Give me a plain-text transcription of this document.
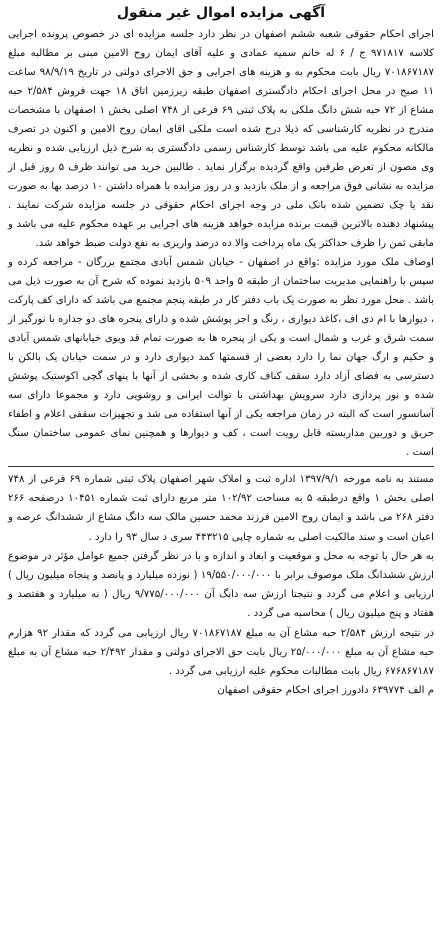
آگهی مزایده اموال غیر منقول

اجرای احکام حقوقی شعبه ششم اصفهان در نظر دارد جلسه مزایده ای در خصوص پرونده اجرایی کلاسه ۹۷۱۸۱۷ ج / ۶ له خانم سمیه عمادی و علیه آقای ایمان روح الامین مبنی بر مطالبه مبلغ ۷۰۱۸۶۷۱۸۷ ریال بابت محکوم به و هزینه های اجرایی و حق الاجرای دولتی در تاریخ ۹۸/۹/۱۹ ساعت ۱۱ صبح در محل اجرای احکام دادگستری اصفهان طبقه زیرزمین اتاق ۱۸ جهت فروش ۲/۵۸۴ حبه مشاع از ۷۲ حبه شش دانگ ملکی به پلاک ثبتی ۶۹ فرعی از ۷۴۸ اصلی بخش ۱ اصفهان با مشخصات مندرج در نظریه کارشناسی که ذیلا درج شده است ملکی اقای ایمان روح الامین و اکنون در تصرف مالکانه محکوم علیه می باشد توسط کارشناس رسمی دادگستری به شرح ذیل ارزیابی شده و نظریه وی مصون از تعرض طرفین واقع گردیده برگزار نماید . طالبین خرید می توانند ظرف ۵ روز قبل از مزایده به نشانی فوق مراجعه و از ملک بازدید و در روز مزایده با همراه داشتن ۱۰ درصد بها به صورت نقد یا چک تضمین شده بانک ملی در وجه اجرای احکام حقوقی در جلسه مزایده شرکت نمایند . پیشنهاد دهنده بالاترین قیمت برنده مزایده خواهد هزینه های اجرایی بر عهده محکوم علیه می باشد و مابقی ثمن را ظرف حداکثر یک ماه پرداخت والا ده درصد واریزی به نفع دولت ضبط خواهد شد.

اوصاف ملک مورد مزایده :واقع در اصفهان - خیابان شمس آبادی مجتمع بزرگان - مراجعه کرده و سپس با راهنمایی مدیریت ساختمان از طبقه ۵ واحد ۵۰۹ بازدید نموده که شرح آن به صورت ذیل می باشد . محل مورد نظر به صورت یک باب دفتر کار در طبقه پنجم مجتمع می باشد که دارای کف پارکت ، دیوارها با ام دی اف ،کاغذ دیواری ، رنگ و اجر پوشش شده و دارای پنجره های دو جداره با نورگیر از سمت شرق و غرب و شمال است و یکی از پنجره ها به صورت تمام قد ویوی خیابانهای شمس آبادی و حکیم و ارگ جهان نما را دارد بعضی از قسمتها کمد دیواری دارد و در سمت خیابان یک بالکن با دسترسی به فضای آزاد دارد سقف کناف کاری شده و بخشی از آنها با پنهای گچی اکوستیک پوشش شده و نور پردازی دارد سرویش بهداشتی با توالت ایرانی و روشویی دارد و مجموعا دارای سه آسانسور است که البته در زمان مراجعه یکی از آنها استفاده می شد و تجهیزات سقفی اعلام و اطفاء حریق و دوربین مداربسته قابل رویت است ، کف و دیوارها و همچنین نمای عمومی ساختمان سنگ است .

مستند به نامه مورخه ۱۳۹۷/۹/۱ اداره ثبت و املاک شهر اصفهان پلاک ثبتی شماره ۶۹ فرعی از ۷۴۸ اصلی بخش ۱ واقع درطبقه ۵ به مساحت ۱۰۲/۹۲ متر مربع دارای ثبت شماره ۱۰۴۵۱ درصفحه ۲۶۶ دفتر ۲۶۸ می باشد و ایمان روح الامین فرزند محمد حسین مالک سه دانگ مشاع از ششدانگ عرصه و اعیان است و سند مالکیت اصلی به شماره چاپی ۴۴۳۲۱۵ سری د سال ۹۳ را دارد .

به هر حال با توجه به محل و موقعیت و ابعاد و اندازه و با در نظر گرفتن جمیع عوامل مؤثر در موضوع ارزش ششدانگ ملک موصوف برابر با ۱۹/۵۵۰/۰۰۰/۰۰۰ ( نوزده میلیارد و پانصد و پنجاه میلیون ریال ) ارزیابی و اعلام می گردد و نتیجتا ارزش سه دانگ آن ۹/۷۷۵/۰۰۰/۰۰۰ ریال ( نه میلیارد و هفتصد و هفتاد و پنج میلیون ریال ) محاسبه می گردد .

در نتیجه ارزش ۲/۵۸۴ حبه مشاع آن به مبلغ ۷۰۱۸۶۷۱۸۷ ریال ارزیابی می گردد که مقدار ۹۲ هزارم حبه مشاع آن به مبلغ ۲۵/۰۰۰/۰۰۰ ریال بابت حق الاجرای دولتی و مقدار ۲/۴۹۲ حبه مشاع آن به مبلغ ۶۷۶۸۶۷۱۸۷ ریال بابت مطالبات محکوم علیه ارزیابی می گردد .

م الف ۶۳۹۷۷۴ دادورز اجرای احکام حقوقی اصفهان
